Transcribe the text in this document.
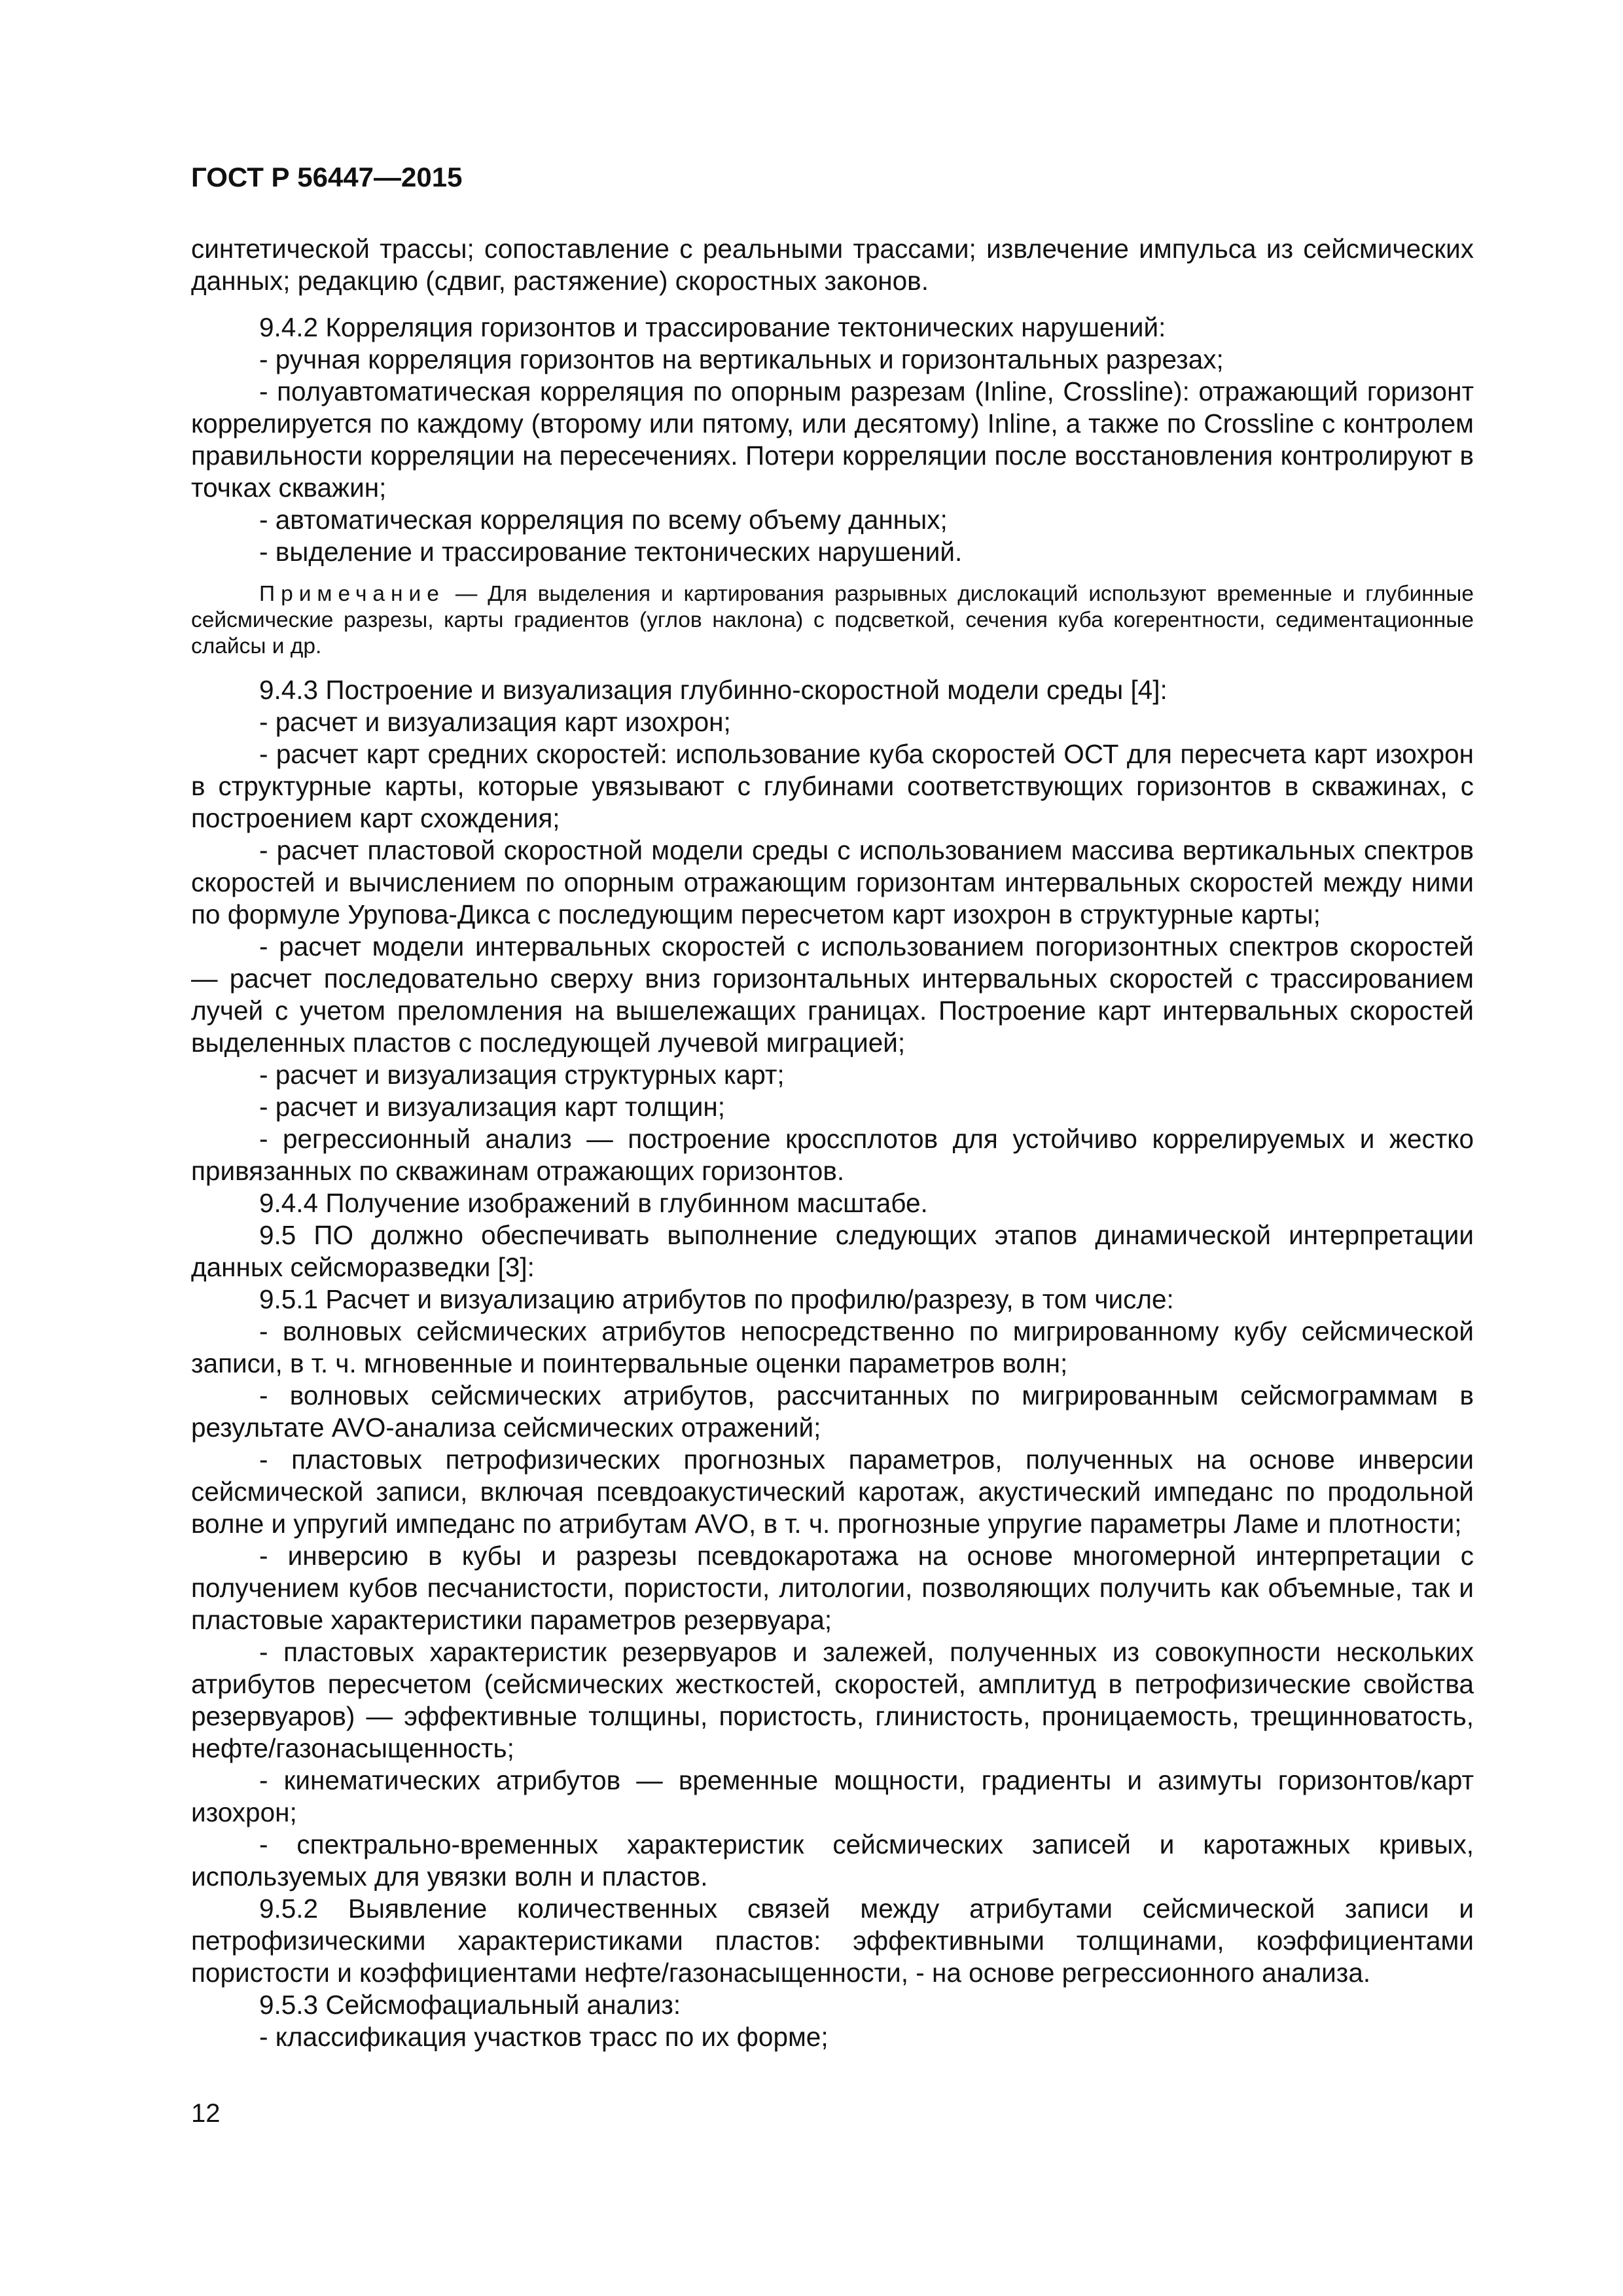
ГОСТ Р 56447—2015

синтетической трассы; сопоставление с реальными трассами; извлечение импульса из сейсмических данных; редакцию (сдвиг, растяжение) скоростных законов.

9.4.2 Корреляция горизонтов и трассирование тектонических нарушений:

- ручная корреляция горизонтов на вертикальных и горизонтальных разрезах;

- полуавтоматическая корреляция по опорным разрезам (Inline, Crossline): отражающий горизонт коррелируется по каждому (второму или пятому, или десятому) Inline, а также по Crossline с контролем правильности корреляции на пересечениях. Потери корреляции после восстановления контролируют в точках скважин;

- автоматическая корреляция по всему объему данных;

- выделение и трассирование тектонических нарушений.

Примечание — Для выделения и картирования разрывных дислокаций используют временные и глубинные сейсмические разрезы, карты градиентов (углов наклона) с подсветкой, сечения куба когерентности, седиментационные слайсы и др.

9.4.3 Построение и визуализация глубинно-скоростной модели среды [4]:

- расчет и визуализация карт изохрон;

- расчет карт средних скоростей: использование куба скоростей ОСТ для пересчета карт изохрон в структурные карты, которые увязывают с глубинами соответствующих горизонтов в скважинах, с построением карт схождения;

- расчет пластовой скоростной модели среды с использованием массива вертикальных спектров скоростей и вычислением по опорным отражающим горизонтам интервальных скоростей между ними по формуле Урупова-Дикса с последующим пересчетом карт изохрон в структурные карты;

- расчет модели интервальных скоростей с использованием погоризонтных спектров скоростей — расчет последовательно сверху вниз горизонтальных интервальных скоростей с трассированием лучей с учетом преломления на вышележащих границах. Построение карт интервальных скоростей выделенных пластов с последующей лучевой миграцией;

- расчет и визуализация структурных карт;

- расчет и визуализация карт толщин;

- регрессионный анализ — построение кроссплотов для устойчиво коррелируемых и жестко привязанных по скважинам отражающих горизонтов.

9.4.4 Получение изображений в глубинном масштабе.

9.5 ПО должно обеспечивать выполнение следующих этапов динамической интерпретации данных сейсморазведки [3]:

9.5.1 Расчет и визуализацию атрибутов по профилю/разрезу, в том числе:

- волновых сейсмических атрибутов непосредственно по мигрированному кубу сейсмической записи, в т. ч. мгновенные и поинтервальные оценки параметров волн;

- волновых сейсмических атрибутов, рассчитанных по мигрированным сейсмограммам в результате AVO-анализа сейсмических отражений;

- пластовых петрофизических прогнозных параметров, полученных на основе инверсии сейсмической записи, включая псевдоакустический каротаж, акустический импеданс по продольной волне и упругий импеданс по атрибутам AVO, в т. ч. прогнозные упругие параметры Ламе и плотности;

- инверсию в кубы и разрезы псевдокаротажа на основе многомерной интерпретации с получением кубов песчанистости, пористости, литологии, позволяющих получить как объемные, так и пластовые характеристики параметров резервуара;

- пластовых характеристик резервуаров и залежей, полученных из совокупности нескольких атрибутов пересчетом (сейсмических жесткостей, скоростей, амплитуд в петрофизические свойства резервуаров) — эффективные толщины, пористость, глинистость, проницаемость, трещинноватость, нефте/газонасыщенность;

- кинематических атрибутов — временные мощности, градиенты и азимуты горизонтов/карт изохрон;

- спектрально-временных характеристик сейсмических записей и каротажных кривых, используемых для увязки волн и пластов.

9.5.2 Выявление количественных связей между атрибутами сейсмической записи и петрофизическими характеристиками пластов: эффективными толщинами, коэффициентами пористости и коэффициентами нефте/газонасыщенности, - на основе регрессионного анализа.

9.5.3 Сейсмофациальный анализ:

- классификация участков трасс по их форме;

12
